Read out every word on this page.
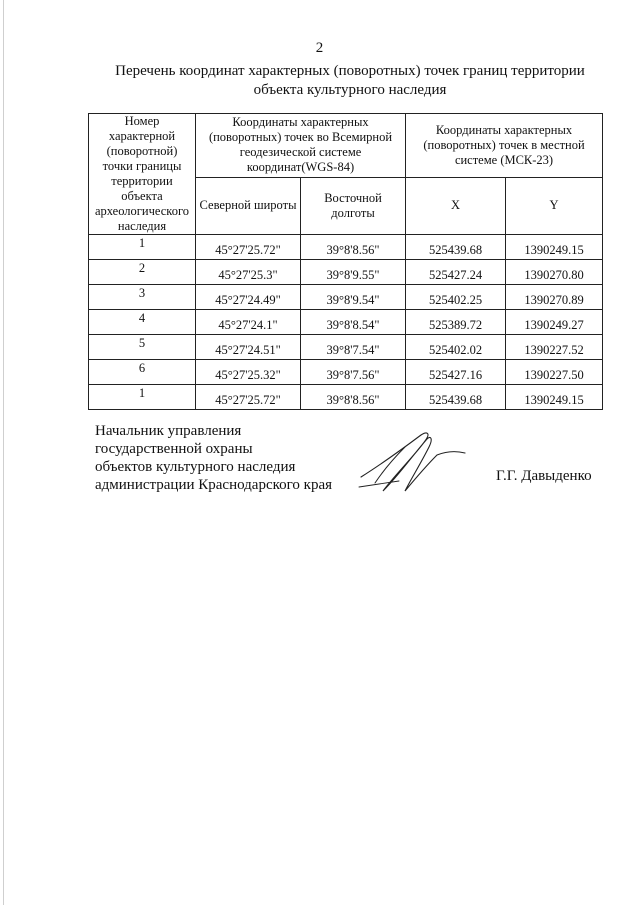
2
Перечень координат характерных (поворотных) точек границ территории
объекта культурного наследия
Номер характерной (поворотной) точки границы территории объекта археологического наследия	Координаты характерных (поворотных) точек во Всемирной геодезической системе координат(WGS-84)		Координаты характерных (поворотных) точек в местной системе (МСК-23)	
	Северной широты	Восточной долготы	X	Y
1	45°27'25.72"	39°8'8.56"	525439.68	1390249.15
2	45°27'25.3"	39°8'9.55"	525427.24	1390270.80
3	45°27'24.49"	39°8'9.54"	525402.25	1390270.89
4	45°27'24.1"	39°8'8.54"	525389.72	1390249.27
5	45°27'24.51"	39°8'7.54"	525402.02	1390227.52
6	45°27'25.32"	39°8'7.56"	525427.16	1390227.50
1	45°27'25.72"	39°8'8.56"	525439.68	1390249.15
Начальник управления
государственной охраны
объектов культурного наследия
администрации Краснодарского края
Г.Г. Давыденко
